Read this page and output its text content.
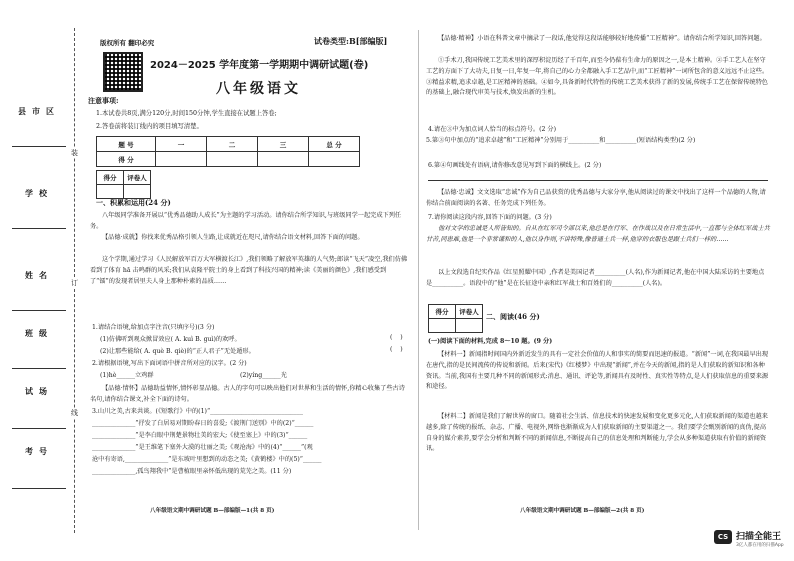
县市区
学校
姓名
班级
试场
考号
装
订
线
版权所有 翻印必究	试卷类型:B[部编版]
2024－2025 学年度第一学期期中调研试题(卷)
八年级语文
注意事项:
1.本试卷共8页,满分120分,时间150分钟,学生直接在试题上答卷;
2.答卷前将装订线内的项目填写清楚。
题 号	一	二	三	总 分
得 分				
得分	评卷人

一、积累和运用(24 分)
八年级同学准备开展以“优秀品德助人成长”为主题的学习活动。请你结合所学知识,与班级同学一起完成下列任务。
【品德·成就】你找来优秀品格引领人生路,让成就近在咫尺,请你结合语文材料,回答下面的问题。
这个学期,通过学习《人民解放军百万大军横渡长江》,我们领略了解放军英雄的人气势;郎读“飞天”凌空,我们仿佛看到了体育 hā 击鸣群的风采;我们从袁隆平院士的身上看到了科技兴国的精神;读《美丽的颜色》,我们感受到了“镭”的发现者居里夫人身上那种朴素的品质……
1.请结合语境,给加点字注音(只填序号)(3 分)
(1)仿佛听到观众掀冒效应( A. kuì B. guì)的欢呼。	(    )
(2)让那些能给( A. què B. qiè)的“正人君子”无处遁形。	(    )
2.请根据语境,写出下面词语中拼音所对应的汉字。(2 分)
(1)hè______立鸡群	(2)yíng______光
【品德·情怀】品德助益情怀,情怀彰显品德。古人的字句可以映出他们对世界和生活的情怀,你精心收集了些古诗名句,请你结合课文,补全下面的诗句。
3.山川之美,古来共谈。(《短歌行》中的(1)“______________________________
______________”抒发了白居易对期盼春日的喜爱;《渡荆门送别》中的(2)“______
______________”是李白眼中荆楚景物壮美的宏大;《使至塞上》中的(3)“______
______________”是王维笔下塞外大漠的壮丽之美;《观沧海》中的(4)“______”(观
沧中有寄语,______________”是东坡叶里想到的动态之美;《黄鹤楼》中的(5)“______
______________,孤鸟翔我中”是曹植眼里亲怀低出现的荒芜之美。(11 分)
八年级语文期中调研试题 B—部编版—1(共 8 页)
【品德·精神】小语在科普文章中摘录了一段话,他觉得这段话能够较好地传播“工匠精神”。请你结合所学知识,回答问题。
①手术刀,我国传统工艺美术里的深厚积淀历经了千百年,而至今仍葆有生命力的原因之一,是本土精神。②手工艺人在坚守工艺的方面下了大功夫,日复一日,年复一年,将自己的心力全都融入手工艺品中,而“工匠精神”一词所包含的意义远远不止这些。③精益求精,追求卓越,是工匠精神的基础。④如今,具备新时代特性的传统工艺美术获得了新的发展,传统手工艺在保留传统特色的基础上,融合现代审美与技术,焕发出新的生机。
4.请在③中为加点词人恰当的标点符号。(2 分)
5.第③句中加点的“追求卓越”和“工匠精神”分别用于__________和__________(短语结构类型)(2 分)
6.第④句画线处有语病,请你修改意见写到下面的横线上。(2 分)
【品德·忠诚】文文选取“忠诚”作为自己品获赏的优秀品德与大家分享,他从阅读过的课文中找出了这样一个品德的人物,请你结合前面阅读的名著、任务完成下列任务。
7.请你阅读这段内容,回答下面的问题。(3 分)
他对文学的忠诚是人所皆知的。自从在红军司令部以来,他总是在行军、在作战以及在日常生活中,一直都与全体红军战士共甘苦,同患难,他是一个非常谦和的人,他以身作则,不讲特殊,像普通士兵一样,他穿的衣服也是跟士兵们一样的……
以上文段选自纪实作品《红星照耀中国》,作者是美国记者__________(人名),作为新闻记者,他在中国大陆采访的主要地点是__________。语段中的“他”是在长征途中亲和红军战士和百姓们的__________(人名)。
得分	评卷人
	二、阅读(46 分)
(一)阅读下面的材料,完成 8～10 题。(9 分)
【材料一】新闻指时间国内外新近发生的具有一定社会价值的人和事实的简要而迅速的报道。“新闻”一词,在我国最早出现在唐代,指的是民间流传的传说和新闻。后来(宋代)《红楼梦》中出现“新闻”,并在今天的新闻,指的是人们获取的新知识和各种资讯。当前,我国有主要几种不同的新闻形式:消息、通讯、评论等,新闻具有及时性、真实性等特点,是人们获取信息的重要来源和途径。
【材料二】新闻是我们了解世界的窗口。随着社会生活、信息技术的快速发展和变化更多元化,人们获取新闻的渠道也越来越多,除了传统的报纸、杂志、广播、电视外,网络也渐渐成为人们获取新闻的主要渠道之一。我们要学会甄别新闻的真伪,提高自身的媒介素养,要学会分析和判断不同的新闻信息,不断提高自己的信息处理和判断能力,学会从多种渠道获取有价值的新闻资讯。
八年级语文期中调研试题 B—部编版—2(共 8 页)
CS 扫描全能王
3亿人都在用的扫描App
